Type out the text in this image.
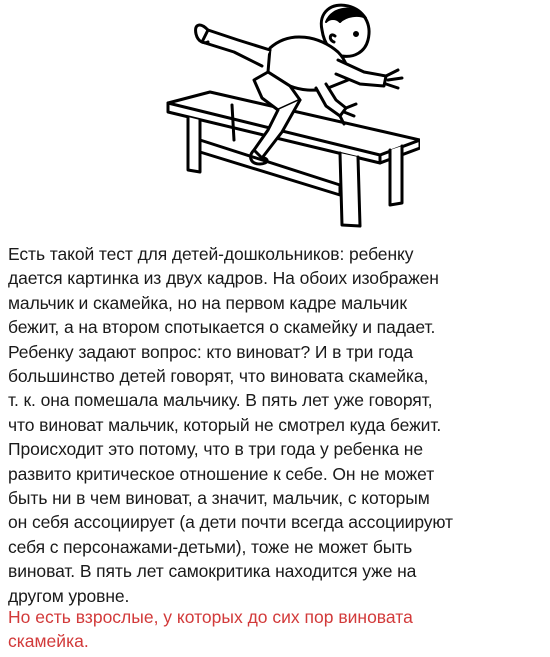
Есть такой тест для детей-дошкольников: ребенку
дается картинка из двух кадров. На обоих изображен
мальчик и скамейка, но на первом кадре мальчик
бежит, а на втором спотыкается о скамейку и падает.
Ребенку задают вопрос: кто виноват? И в три года
большинство детей говорят, что виновата скамейка,
т. к. она помешала мальчику. В пять лет уже говорят,
что виноват мальчик, который не смотрел куда бежит.
Происходит это потому, что в три года у ребенка не
развито критическое отношение к себе. Он не может
быть ни в чем виноват, а значит, мальчик, с которым
он себя ассоциирует (а дети почти всегда ассоциируют
себя с персонажами-детьми), тоже не может быть
виноват. В пять лет самокритика находится уже на
другом уровне.
Но есть взрослые, у которых до сих пор виновата
скамейка.
